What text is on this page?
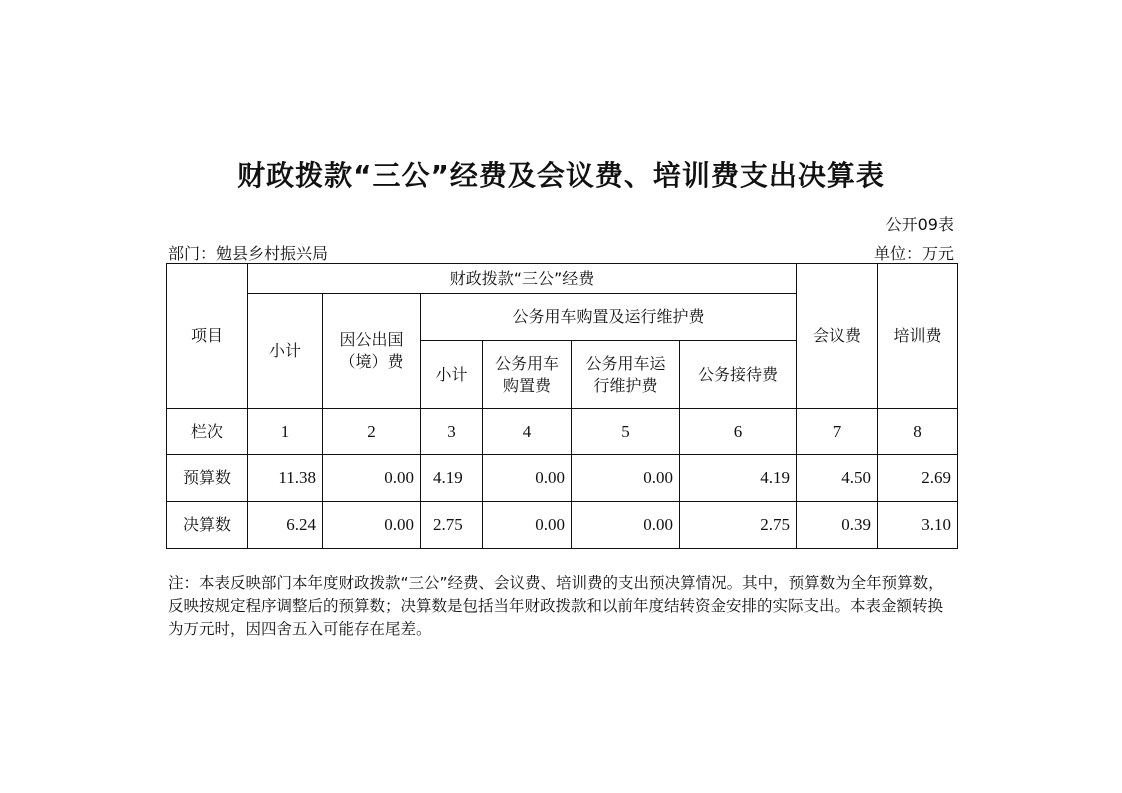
财政拨款“三公”经费及会议费、培训费支出决算表
公开09表
部门：勉县乡村振兴局	单位：万元
项目	财政拨款“三公”经费						会议费	培训费
	小计	因公出国（境）费	公务用车购置及运行维护费					
			小计	公务用车购置费	公务用车运行维护费	公务接待费		
栏次	1	2	3	4	5	6	7	8
预算数	11.38	0.00	4.19	0.00	0.00	4.19	4.50	2.69
决算数	6.24	0.00	2.75	0.00	0.00	2.75	0.39	3.10
注：本表反映部门本年度财政拨款“三公”经费、会议费、培训费的支出预决算情况。其中，预算数为全年预算数，反映按规定程序调整后的预算数；决算数是包括当年财政拨款和以前年度结转资金安排的实际支出。本表金额转换为万元时，因四舍五入可能存在尾差。
